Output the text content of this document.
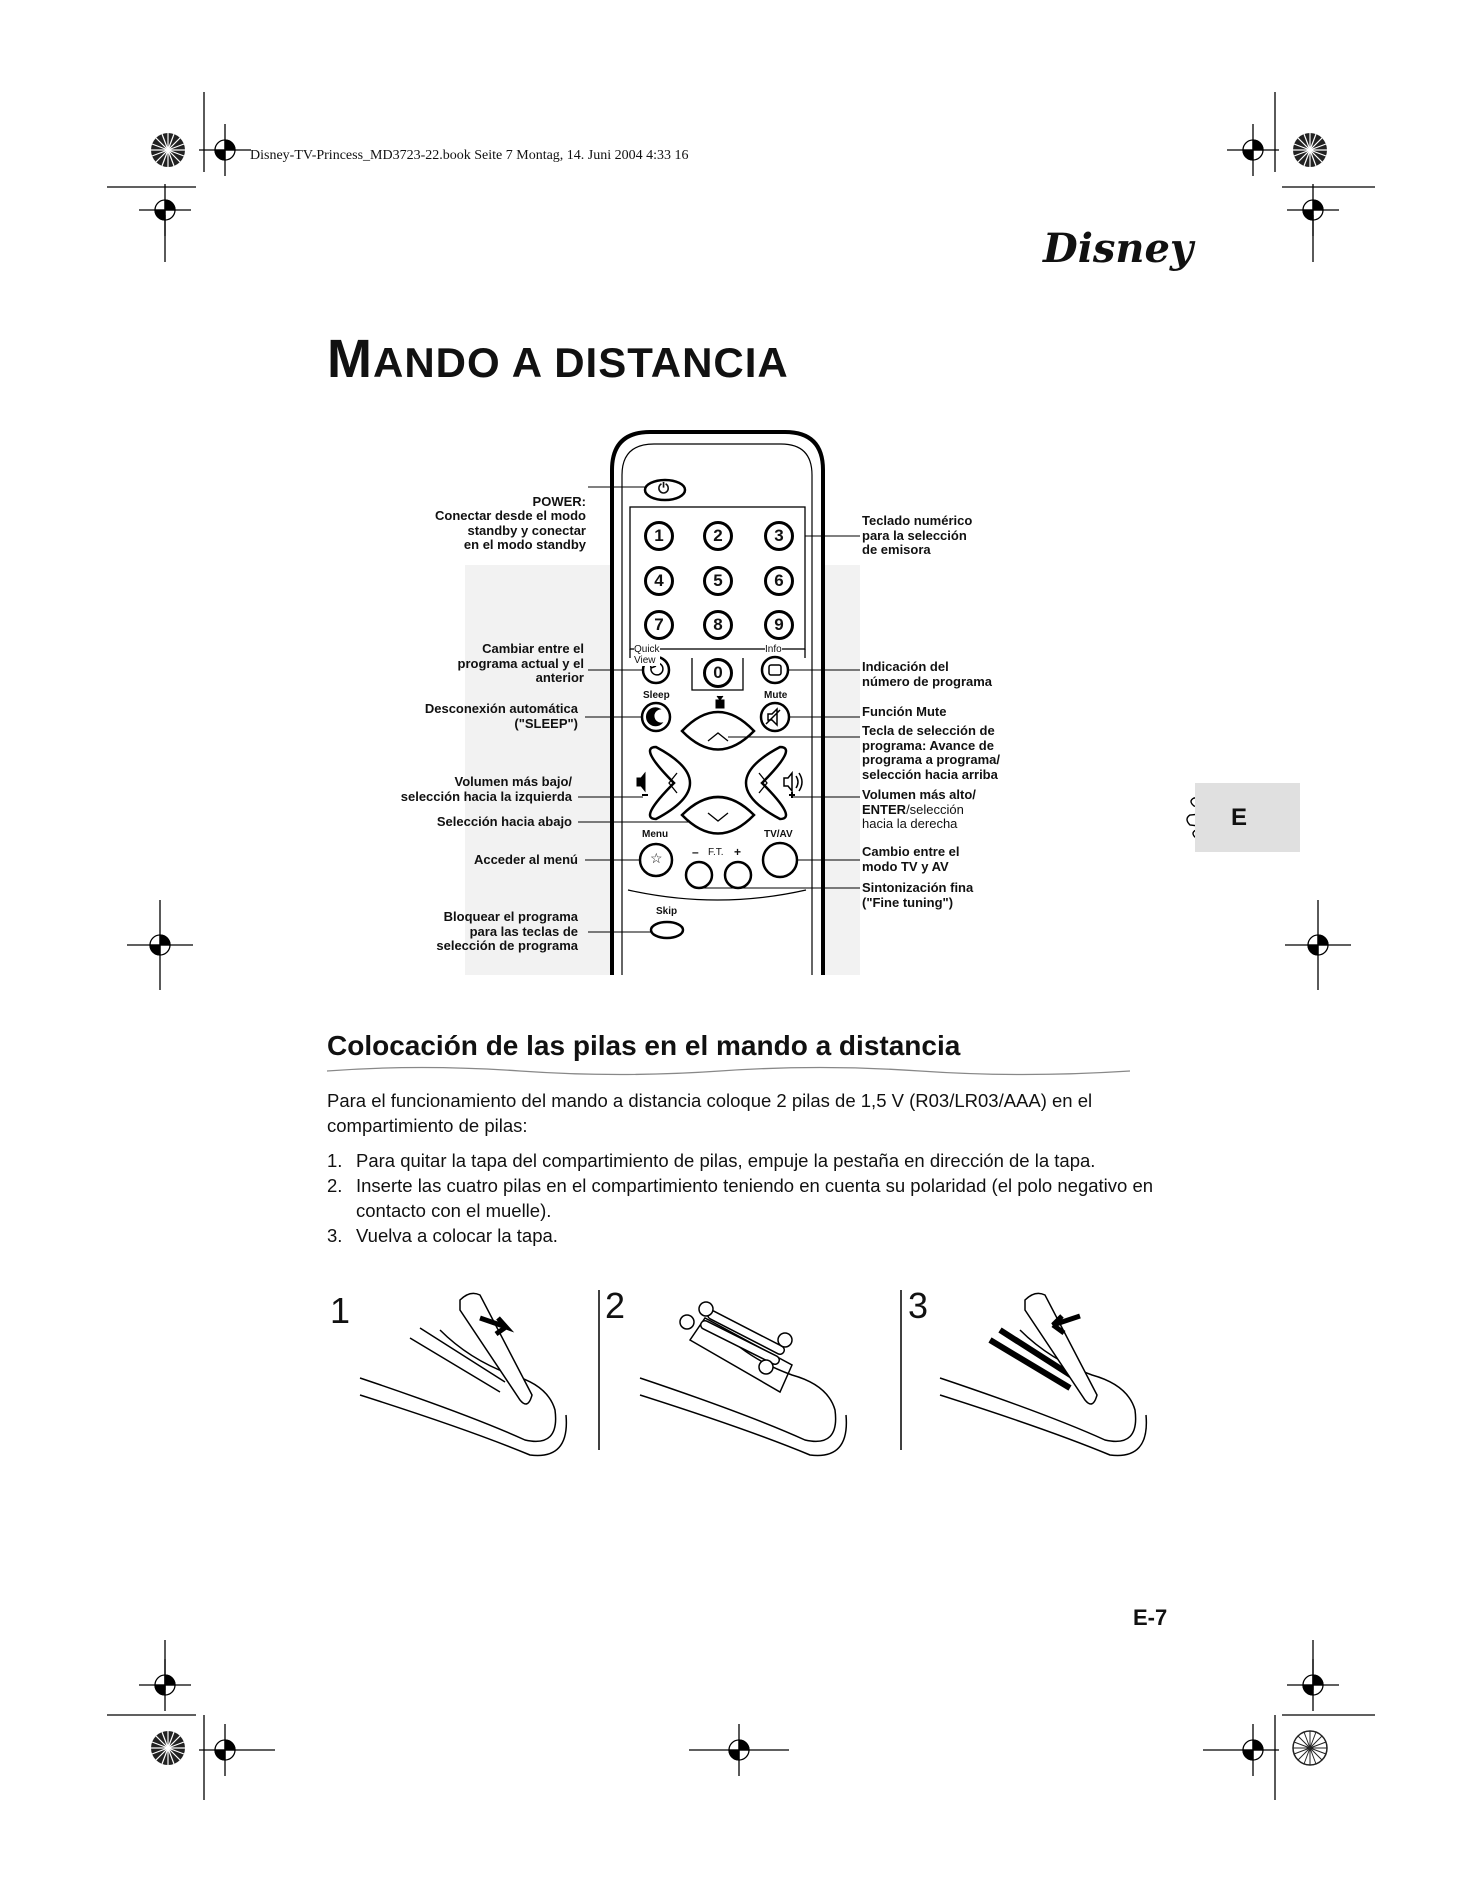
Disney-TV-Princess_MD3723-22.book Seite 7 Montag, 14. Juni 2004 4:33 16
Disney
MANDO A DISTANCIA
⏻
1	2	3
4	5	6
7	8	9
0
Quick View
Info
Sleep	Mute
Menu
☆
TV/AV
– F.T. +
Skip

POWER:
Conectar desde el modo
standby y conectar
en el modo standby

Cambiar entre el
programa actual y el
anterior
Desconexión automática
("SLEEP")
Volumen más bajo/
selección hacia la izquierda
Selección hacia abajo
Acceder al menú
Bloquear el programa
para las teclas de
selección de programa
Teclado numérico
para la selección
de emisora
Indicación del
número de programa
Función Mute
Tecla de selección de
programa: Avance de
programa a programa/
selección hacia arriba
Volumen más alto/
ENTER/selección
hacia la derecha
Cambio entre el
modo TV y AV
Sintonización fina
("Fine tuning")
E
Colocación de las pilas en el mando a distancia
Para el funcionamiento del mando a distancia coloque 2 pilas de 1,5 V (R03/LR03/AAA) en el compartimiento de pilas:
1. Para quitar la tapa del compartimiento de pilas, empuje la pestaña en dirección de la tapa.
2. Inserte las cuatro pilas en el compartimiento teniendo en cuenta su polaridad (el polo negativo en contacto con el muelle).
3. Vuelva a colocar la tapa.
1	2	3
E-7
